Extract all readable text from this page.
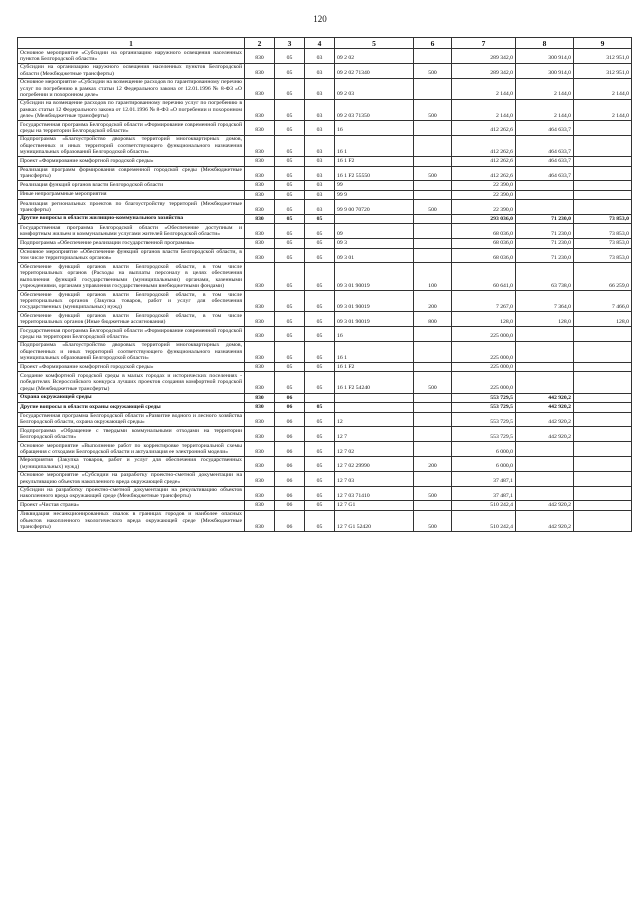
120
1	2	3	4	5	6	7	8	9
Основное мероприятие «Субсидии на организацию наружного освещения населенных пунктов Белгородской области»	830	05	03	09 2 02		289 342,0	300 914,0	312 951,0
Субсидии на организацию наружного освещения населенных пунктов Белгородской области (Межбюджетные трансферты)	830	05	03	09 2 02 71340	500	289 342,0	300 914,0	312 951,0
Основное мероприятие «Субсидии на возмещение расходов по гарантированному перечню услуг по погребению в рамках статьи 12 Федерального закона от 12.01.1996 № 8-ФЗ «О погребении и похоронном деле»	830	05	03	09 2 03		2 144,0	2 144,0	2 144,0
Субсидии на возмещение расходов по гарантированному перечню услуг по погребению в рамках статьи 12 Федерального закона от 12.01.1996 № 8-ФЗ «О погребении и похоронном деле» (Межбюджетные трансферты)	830	05	03	09 2 03 71350	500	2 144,0	2 144,0	2 144,0
Государственная программа Белгородской области «Формирование современной городской среды на территории Белгородской области»	830	05	03	16		412 262,6	464 633,7	
Подпрограмма «Благоустройство дворовых территорий многоквартирных домов, общественных и иных территорий соответствующего функционального назначения муниципальных образований Белгородской области»	830	05	03	16 1		412 262,6	464 633,7	
Проект «Формирование комфортной городской среды»	830	05	03	16 1 F2		412 262,6	464 633,7	
Реализация программ формирования современной городской среды (Межбюджетные трансферты)	830	05	03	16 1 F2 55550	500	412 262,6	464 633,7	
Реализация функций органов власти Белгородской области	830	05	03	99		22 390,0		
Иные непрограммные мероприятия	830	05	03	99 9		22 390,0		
Реализация региональных проектов по благоустройству территорий (Межбюджетные трансферты)	830	05	03	99 9 00 70720	500	22 390,0		
Другие вопросы в области жилищно-коммунального хозяйства	830	05	05			293 036,0	71 230,0	73 853,0
Государственная программа Белгородской области «Обеспечение доступным и комфортным жильем и коммунальными услугами жителей Белгородской области»	830	05	05	09		68 036,0	71 230,0	73 853,0
Подпрограмма «Обеспечение реализации государственной программы»	830	05	05	09 3		68 036,0	71 230,0	73 853,0
Основное мероприятие «Обеспечение функций органов власти Белгородской области, в том числе территориальных органов»	830	05	05	09 3 01		68 036,0	71 230,0	73 853,0
Обеспечение функций органов власти Белгородской области, в том числе территориальных органов (Расходы на выплаты персоналу в целях обеспечения выполнения функций государственными (муниципальными) органами, казенными учреждениями, органами управления государственными внебюджетными фондами)	830	05	05	09 3 01 90019	100	60 641,0	63 738,0	66 259,0
Обеспечение функций органов власти Белгородской области, в том числе территориальных органов (Закупка товаров, работ и услуг для обеспечения государственных (муниципальных) нужд)	830	05	05	09 3 01 90019	200	7 267,0	7 364,0	7 466,0
Обеспечение функций органов власти Белгородской области, в том числе территориальных органов (Иные бюджетные ассигнования)	830	05	05	09 3 01 90019	800	128,0	128,0	128,0
Государственная программа Белгородской области «Формирование современной городской среды на территории Белгородской области»	830	05	05	16		225 000,0		
Подпрограмма «Благоустройство дворовых территорий многоквартирных домов, общественных и иных территорий соответствующего функционального назначения муниципальных образований Белгородской области»	830	05	05	16 1		225 000,0		
Проект «Формирование комфортной городской среды»	830	05	05	16 1 F2		225 000,0		
Создание комфортной городской среды в малых городах и исторических поселениях - победителях Всероссийского конкурса лучших проектов создания комфортной городской среды (Межбюджетные трансферты)	830	05	05	16 1 F2 54240	500	225 000,0		
Охрана окружающей среды	830	06				553 729,5	442 920,2	
Другие вопросы в области охраны окружающей среды	830	06	05			553 729,5	442 920,2	
Государственная программа Белгородской области «Развитие водного и лесного хозяйства Белгородской области, охрана окружающей среды»	830	06	05	12		553 729,5	442 920,2	
Подпрограмма «Обращение с твердыми коммунальными отходами на территории Белгородской области»	830	06	05	12 7		553 729,5	442 920,2	
Основное мероприятие «Выполнение работ по корректировке территориальной схемы обращения с отходами Белгородской области и актуализация ее электронной модели»	830	06	05	12 7 02		6 000,0		
Мероприятия (Закупка товаров, работ и услуг для обеспечения государственных (муниципальных) нужд)	830	06	05	12 7 02 29990	200	6 000,0		
Основное мероприятие «Субсидии на разработку проектно-сметной документации на рекультивацию объектов накопленного вреда окружающей среде»	830	06	05	12 7 03		37 487,1		
Субсидии на разработку проектно-сметной документации на рекультивацию объектов накопленного вреда окружающей среде (Межбюджетные трансферты)	830	06	05	12 7 03 71410	500	37 487,1		
Проект «Чистая страна»	830	06	05	12 7 G1		510 242,4	442 920,2	
Ликвидация несанкционированных свалок в границах городов и наиболее опасных объектов накопленного экологического вреда окружающей среде (Межбюджетные трансферты)	830	06	05	12 7 G1 52420	500	510 242,4	442 920,2	
